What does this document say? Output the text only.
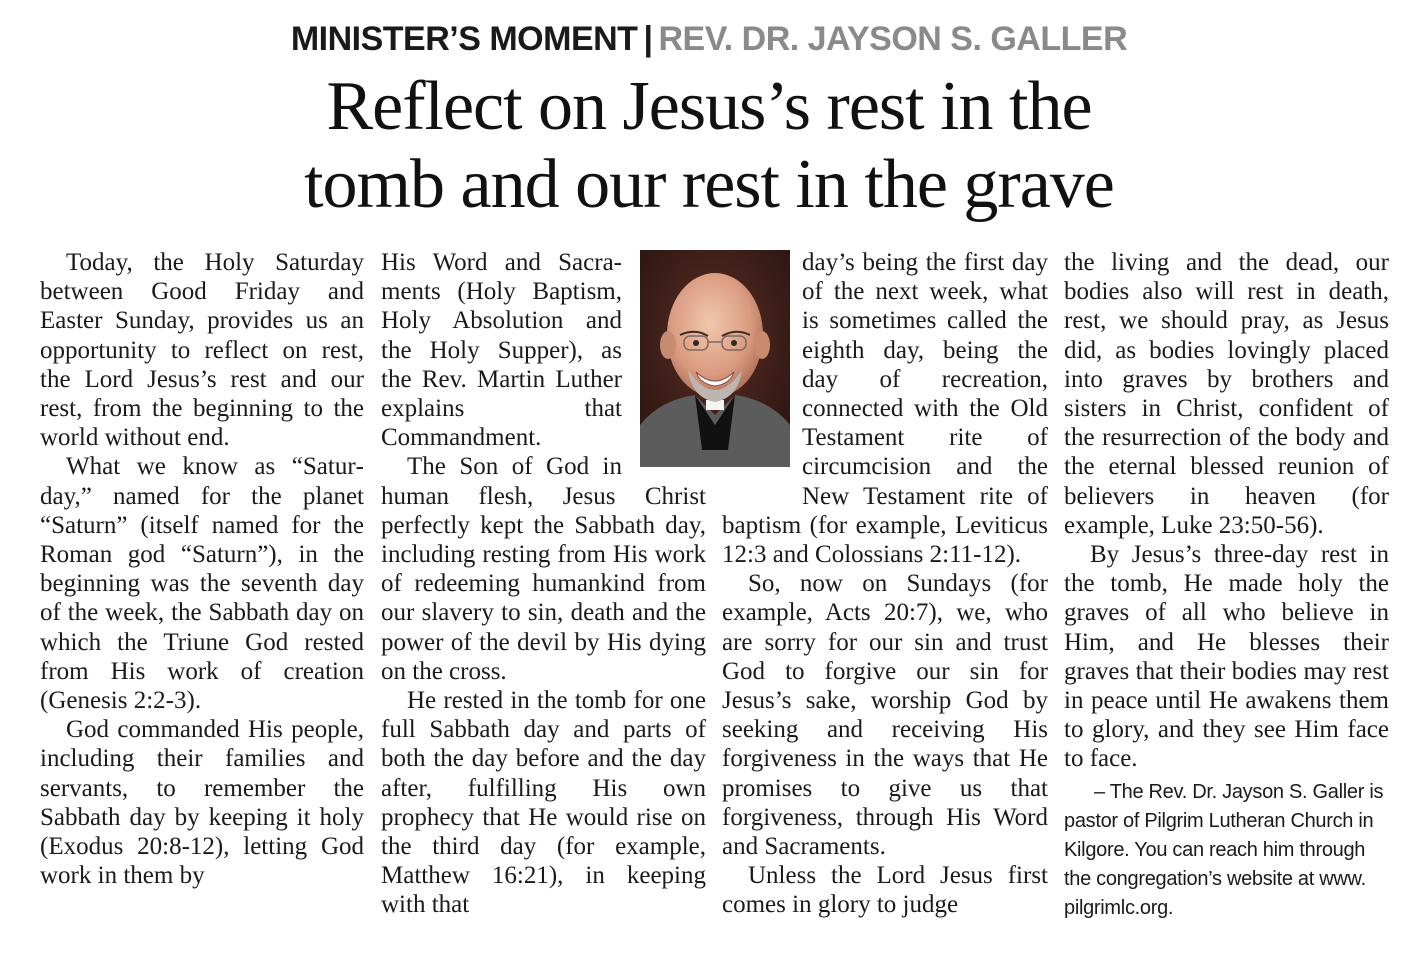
MINISTER’S MOMENT | REV. DR. JAYSON S. GALLER
Reflect on Jesus’s rest in the
tomb and our rest in the grave

Today, the Holy Saturday between Good Friday and Easter Sunday, provides us an opportunity to reflect on rest, the Lord Jesus’s rest and our rest, from the beginning to the world without end.

What we know as “Saturday,” named for the planet “Saturn” (itself named for the Roman god “Saturn”), in the beginning was the seventh day of the week, the Sabbath day on which the Triune God rested from His work of creation (Genesis 2:2-3).

God commanded His people, including their families and servants, to remember the Sabbath day by keeping it holy (Exodus 20:8-12), letting God work in them by

His Word and Sacraments (Holy Baptism, Holy Absolution and the Holy Supper), as the Rev. Martin Luther explains that Commandment.

The Son of God in human flesh, Jesus Christ perfectly kept the Sabbath day, including resting from His work of redeeming humankind from our slavery to sin, death and the power of the devil by His dying on the cross.

He rested in the tomb for one full Sabbath day and parts of both the day before and the day after, fulfilling His own prophecy that He would rise on the third day (for example, Matthew 16:21), in keeping with that

day’s being the first day of the next week, what is sometimes called the eighth day, being the day of recreation, connected with the Old Testament rite of circumcision and the New Testament rite of baptism (for example, Leviticus 12:3 and Colossians 2:11-12).

So, now on Sundays (for example, Acts 20:7), we, who are sorry for our sin and trust God to forgive our sin for Jesus’s sake, worship God by seeking and receiving His forgiveness in the ways that He promises to give us that forgiveness, through His Word and Sacraments.

Unless the Lord Jesus first comes in glory to judge

the living and the dead, our bodies also will rest in death, rest, we should pray, as Jesus did, as bodies lovingly placed into graves by brothers and sisters in Christ, confident of the resurrection of the body and the eternal blessed reunion of believers in heaven (for example, Luke 23:50-56).

By Jesus’s three-day rest in the tomb, He made holy the graves of all who believe in Him, and He blesses their graves that their bodies may rest in peace until He awakens them to glory, and they see Him face to face.

– The Rev. Dr. Jayson S. Galler is pastor of Pilgrim Lutheran Church in Kilgore. You can reach him through the congregation’s website at www. pilgrimlc.org.
